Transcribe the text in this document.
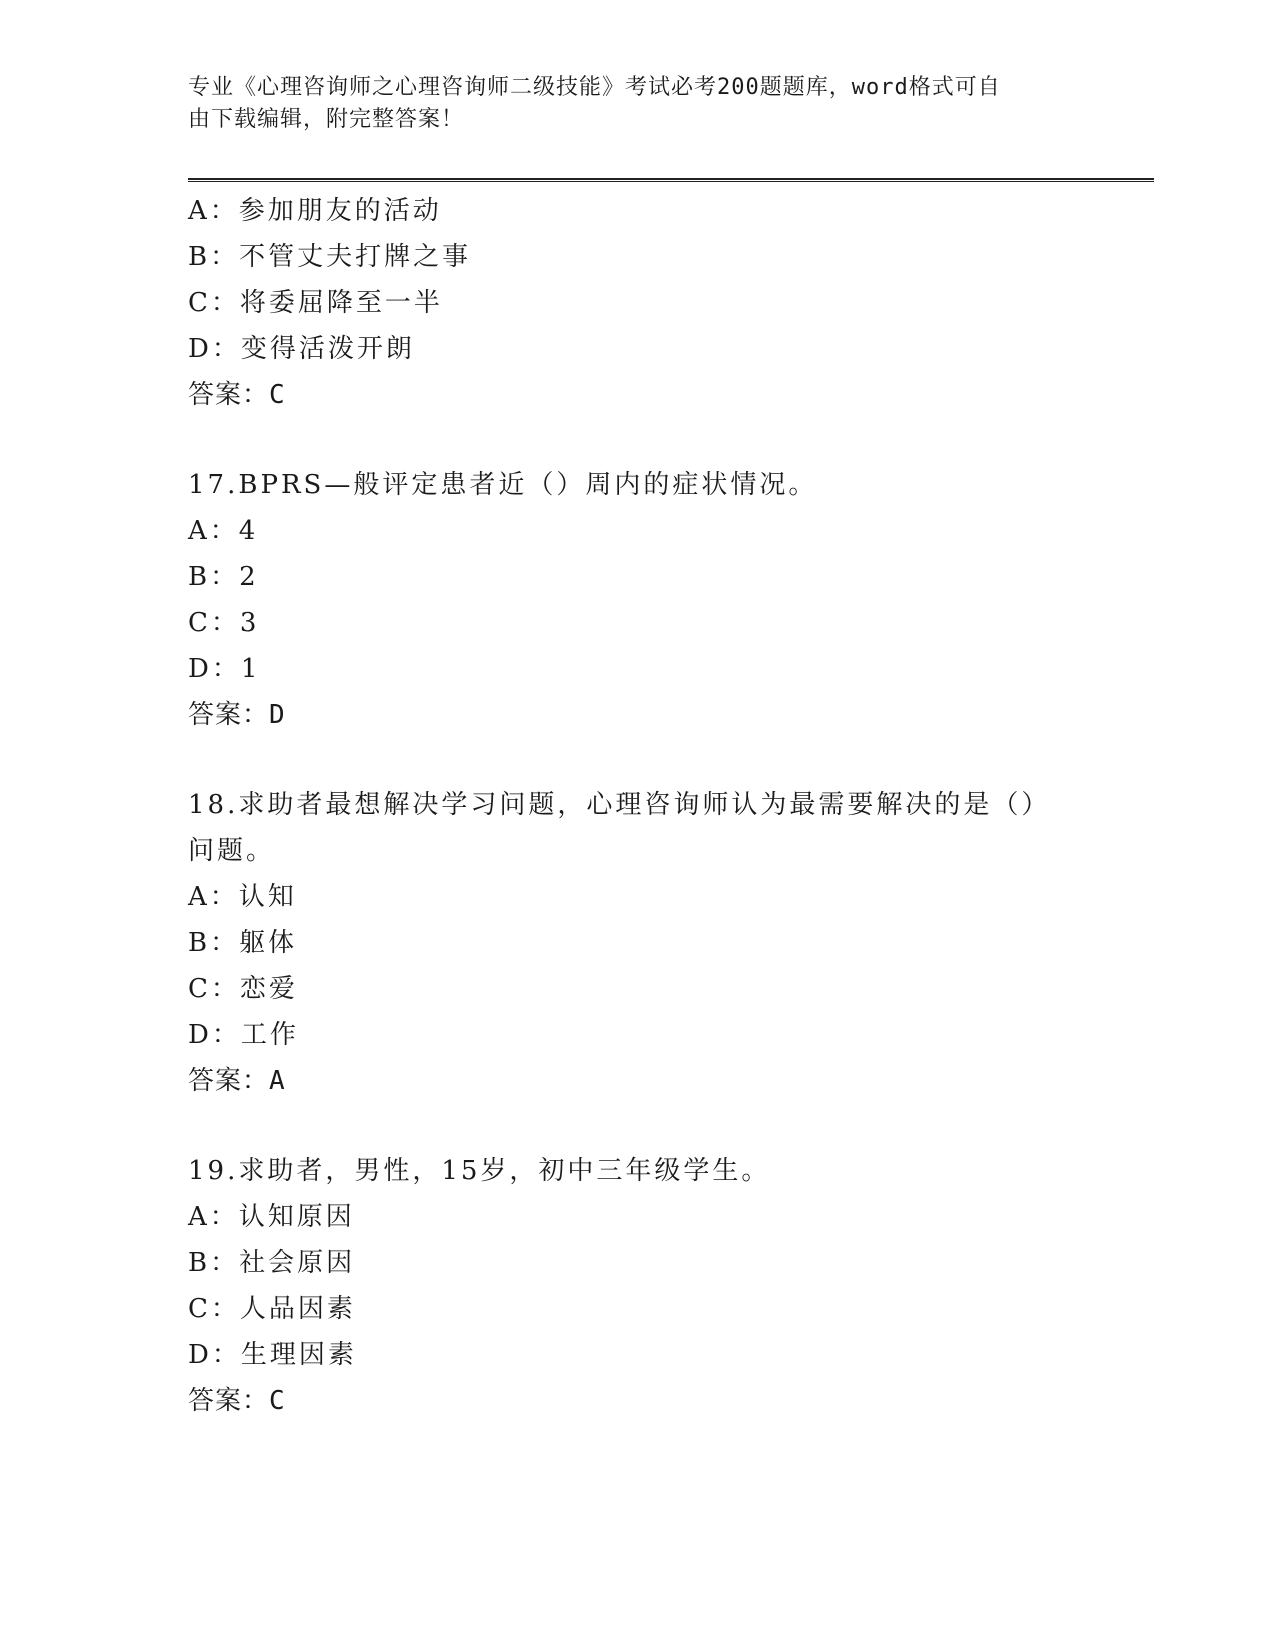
专业《心理咨询师之心理咨询师二级技能》考试必考200题题库，word格式可自
由下载编辑，附完整答案！
A：参加朋友的活动
B：不管丈夫打牌之事
C：将委屈降至一半
D：变得活泼开朗
答案：C
17.BPRS—般评定患者近（）周内的症状情况。
A：4
B：2
C：3
D：1
答案：D
18.求助者最想解决学习问题，心理咨询师认为最需要解决的是（）问题。
A：认知
B：躯体
C：恋爱
D：工作
答案：A
19.求助者，男性，15岁，初中三年级学生。
A：认知原因
B：社会原因
C：人品因素
D：生理因素
答案：C
